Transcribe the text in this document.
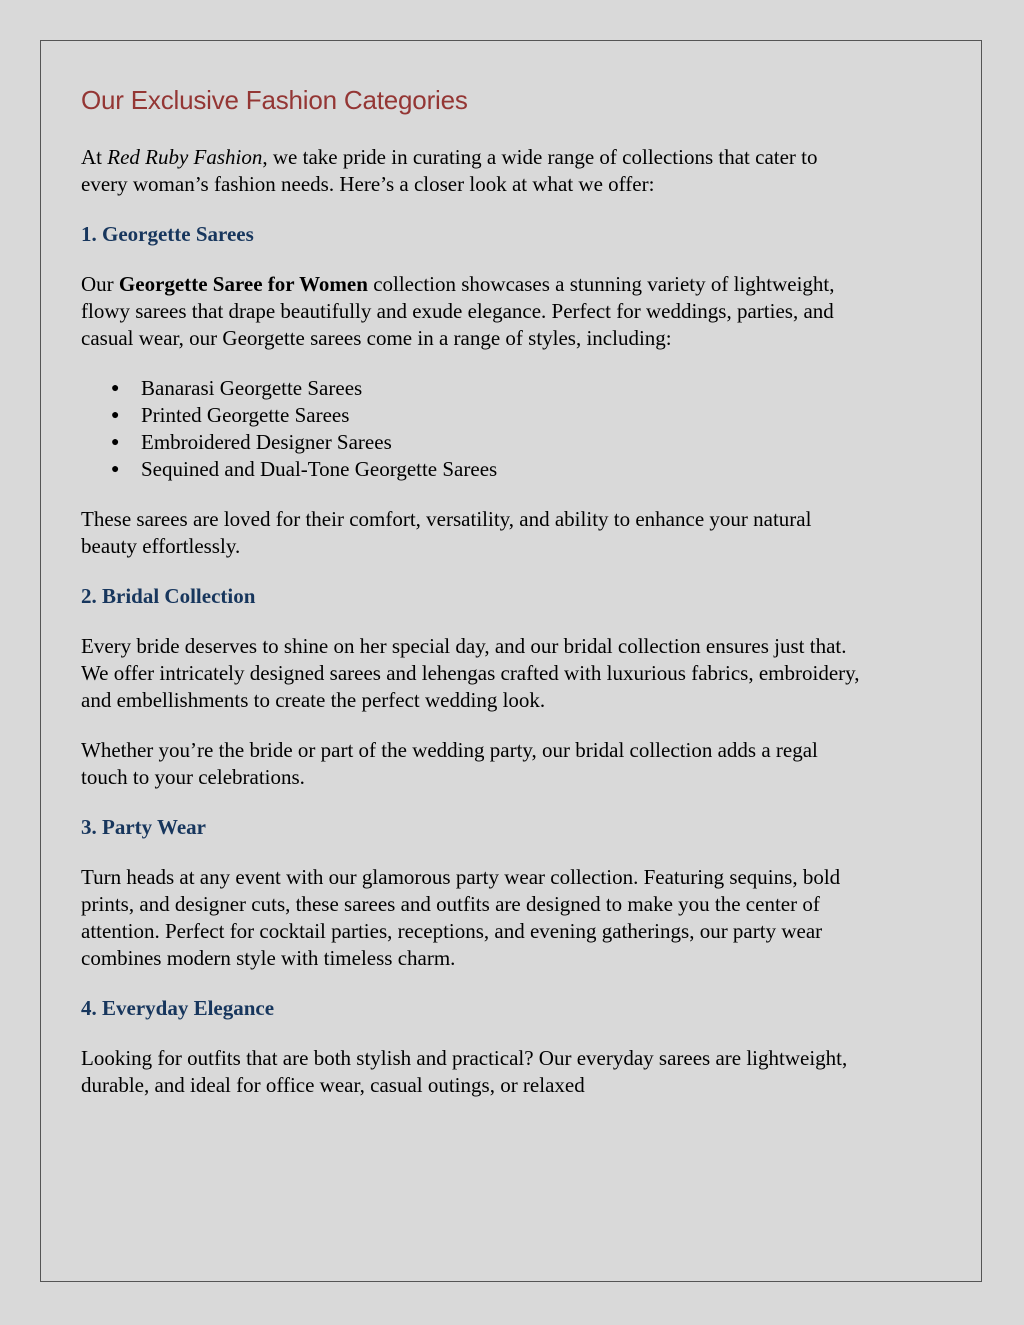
Our Exclusive Fashion Categories

At Red Ruby Fashion, we take pride in curating a wide range of collections that cater to every woman’s fashion needs. Here’s a closer look at what we offer:

1. Georgette Sarees

Our Georgette Saree for Women collection showcases a stunning variety of lightweight, flowy sarees that drape beautifully and exude elegance. Perfect for weddings, parties, and casual wear, our Georgette sarees come in a range of styles, including:

● Banarasi Georgette Sarees
● Printed Georgette Sarees
● Embroidered Designer Sarees
● Sequined and Dual-Tone Georgette Sarees

These sarees are loved for their comfort, versatility, and ability to enhance your natural beauty effortlessly.

2. Bridal Collection

Every bride deserves to shine on her special day, and our bridal collection ensures just that. We offer intricately designed sarees and lehengas crafted with luxurious fabrics, embroidery, and embellishments to create the perfect wedding look.

Whether you’re the bride or part of the wedding party, our bridal collection adds a regal touch to your celebrations.

3. Party Wear

Turn heads at any event with our glamorous party wear collection. Featuring sequins, bold prints, and designer cuts, these sarees and outfits are designed to make you the center of attention. Perfect for cocktail parties, receptions, and evening gatherings, our party wear combines modern style with timeless charm.

4. Everyday Elegance

Looking for outfits that are both stylish and practical? Our everyday sarees are lightweight, durable, and ideal for office wear, casual outings, or relaxed
